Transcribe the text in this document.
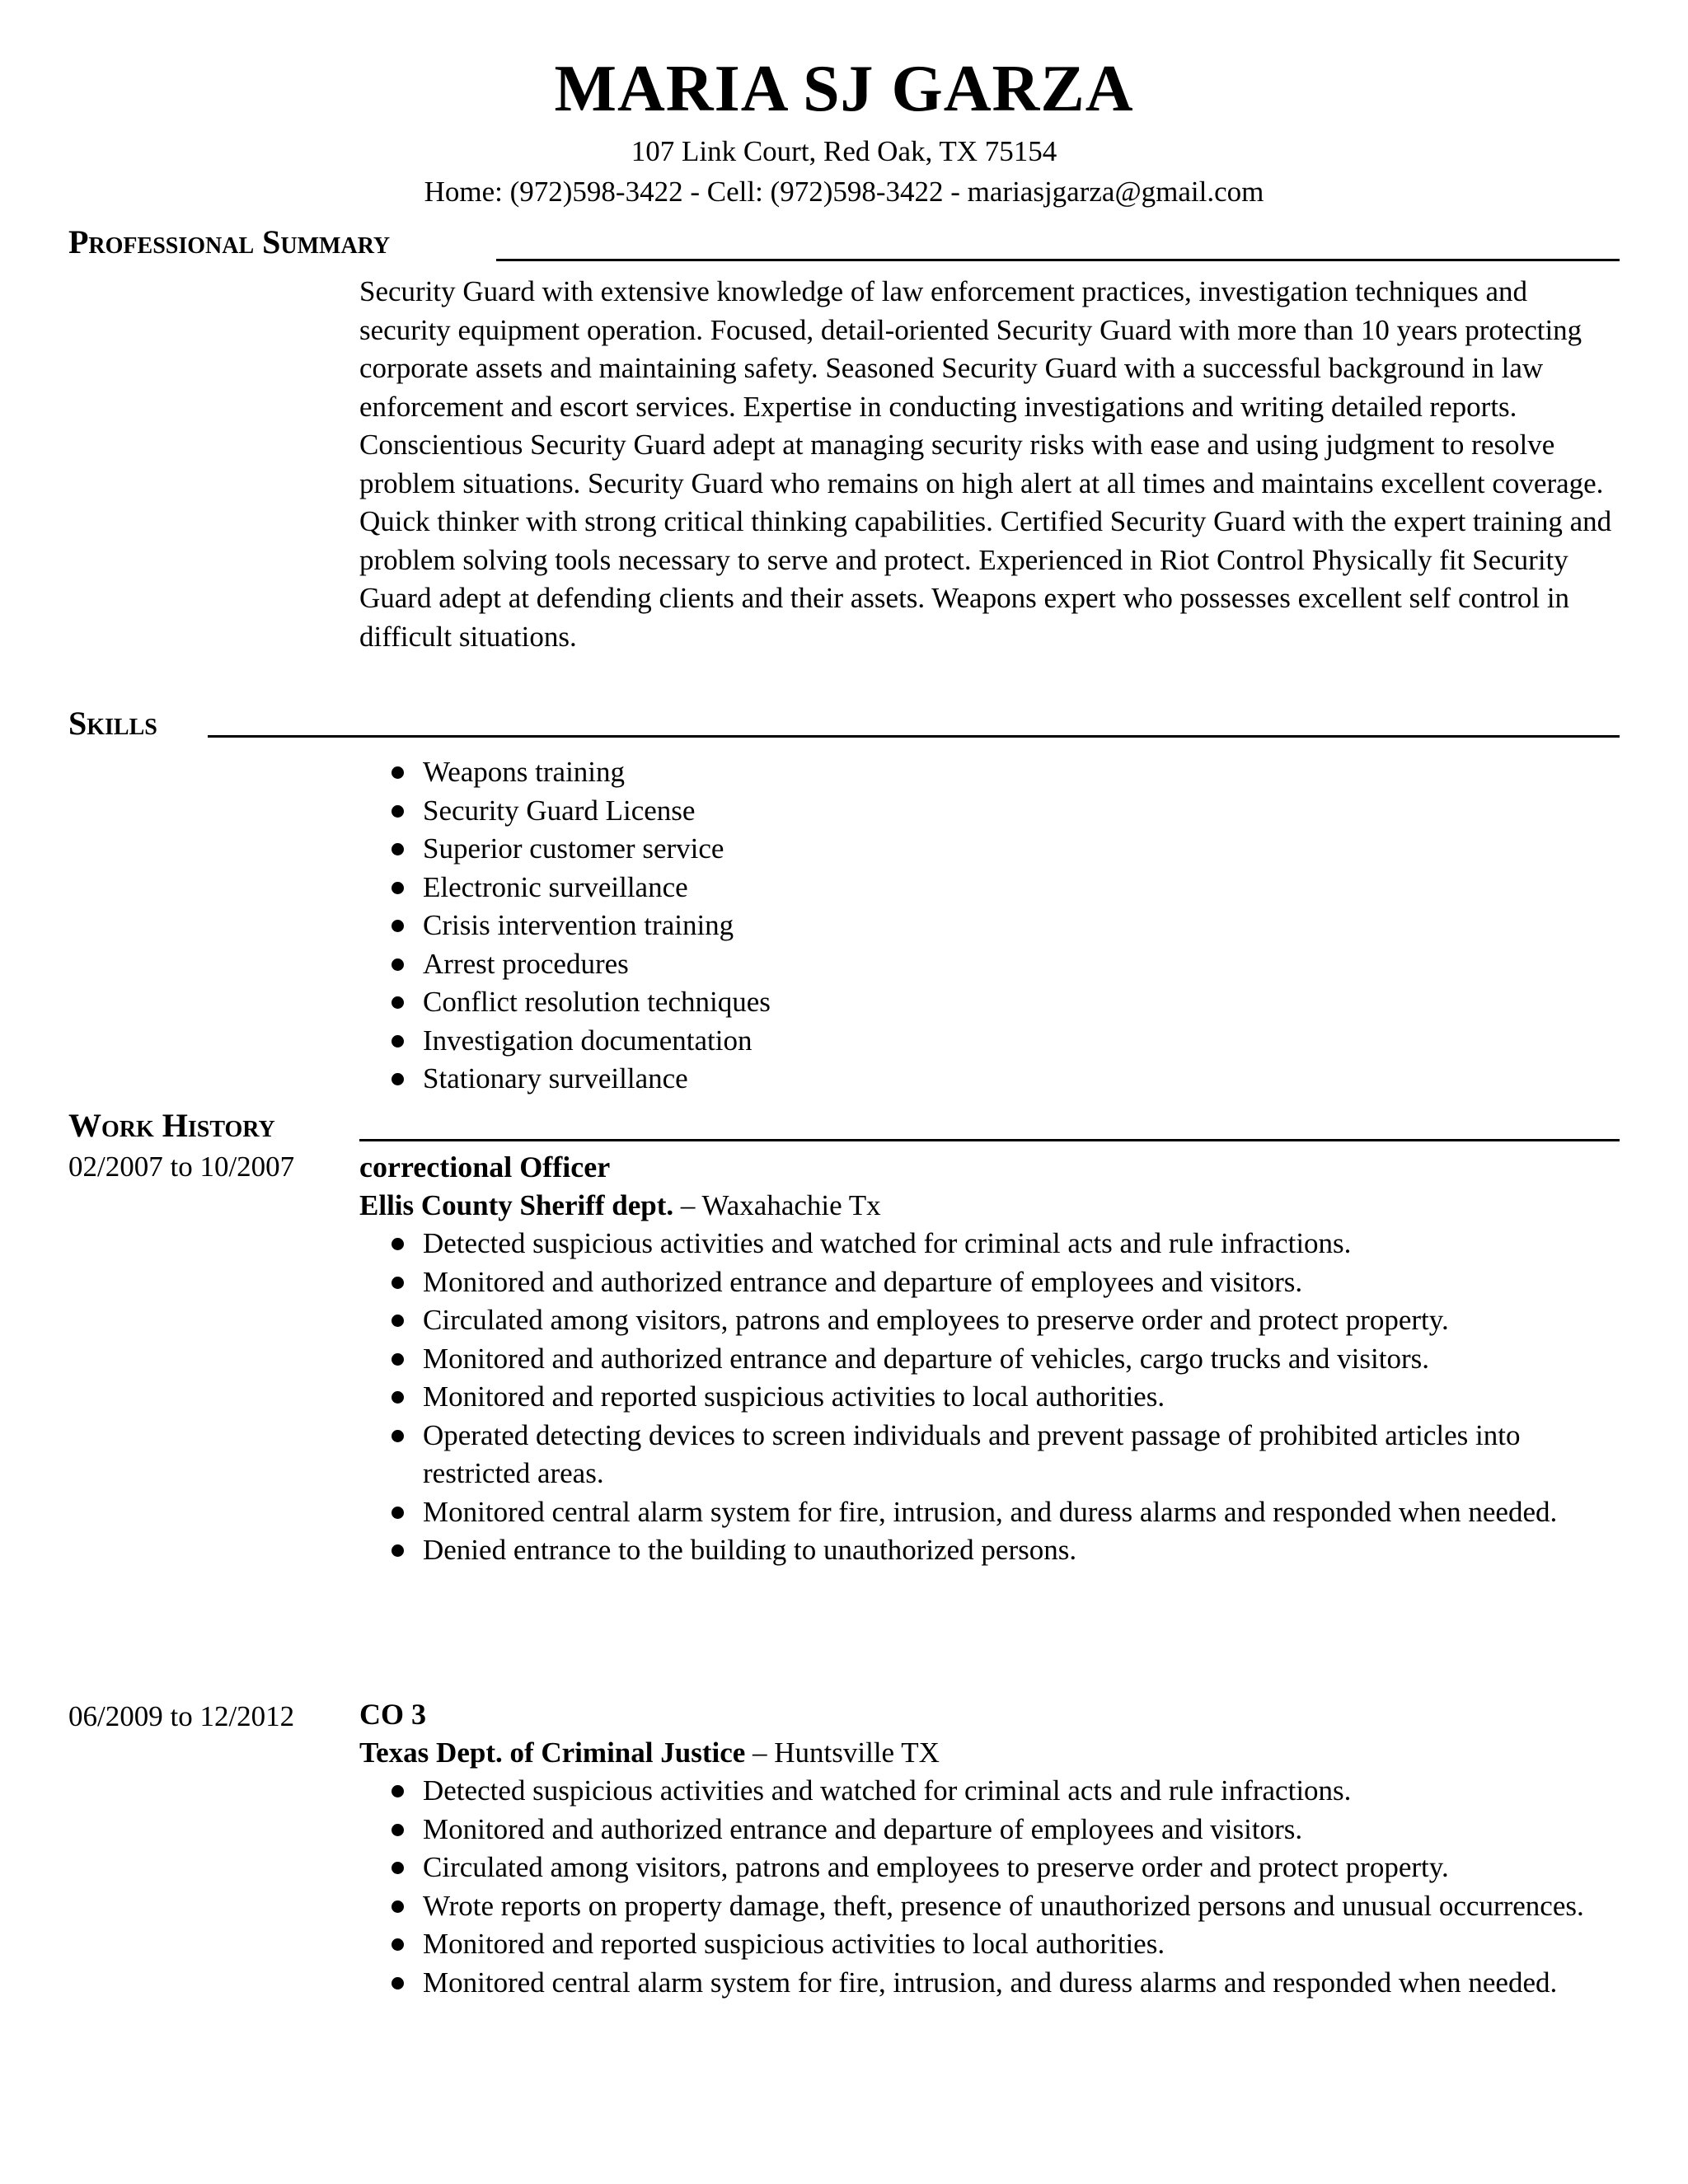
MARIA SJ GARZA
107 Link Court, Red Oak, TX 75154
Home: (972)598-3422 - Cell: (972)598-3422 - mariasjgarza@gmail.com
Professional Summary
Security Guard with extensive knowledge of law enforcement practices, investigation techniques and security equipment operation. Focused, detail-oriented Security Guard with more than 10 years protecting corporate assets and maintaining safety. Seasoned Security Guard with a successful background in law enforcement and escort services. Expertise in conducting investigations and writing detailed reports. Conscientious Security Guard adept at managing security risks with ease and using judgment to resolve problem situations. Security Guard who remains on high alert at all times and maintains excellent coverage. Quick thinker with strong critical thinking capabilities. Certified Security Guard with the expert training and problem solving tools necessary to serve and protect. Experienced in Riot Control Physically fit Security Guard adept at defending clients and their assets. Weapons expert who possesses excellent self control in difficult situations.
Skills
Weapons training
Security Guard License
Superior customer service
Electronic surveillance
Crisis intervention training
Arrest procedures
Conflict resolution techniques
Investigation documentation
Stationary surveillance
Work History
02/2007 to 10/2007 correctional Officer
Ellis County Sheriff dept. – Waxahachie Tx
Detected suspicious activities and watched for criminal acts and rule infractions.
Monitored and authorized entrance and departure of employees and visitors.
Circulated among visitors, patrons and employees to preserve order and protect property.
Monitored and authorized entrance and departure of vehicles, cargo trucks and visitors.
Monitored and reported suspicious activities to local authorities.
Operated detecting devices to screen individuals and prevent passage of prohibited articles into restricted areas.
Monitored central alarm system for fire, intrusion, and duress alarms and responded when needed.
Denied entrance to the building to unauthorized persons.
06/2009 to 12/2012 CO 3
Texas Dept. of Criminal Justice – Huntsville TX
Detected suspicious activities and watched for criminal acts and rule infractions.
Monitored and authorized entrance and departure of employees and visitors.
Circulated among visitors, patrons and employees to preserve order and protect property.
Wrote reports on property damage, theft, presence of unauthorized persons and unusual occurrences.
Monitored and reported suspicious activities to local authorities.
Monitored central alarm system for fire, intrusion, and duress alarms and responded when needed.
